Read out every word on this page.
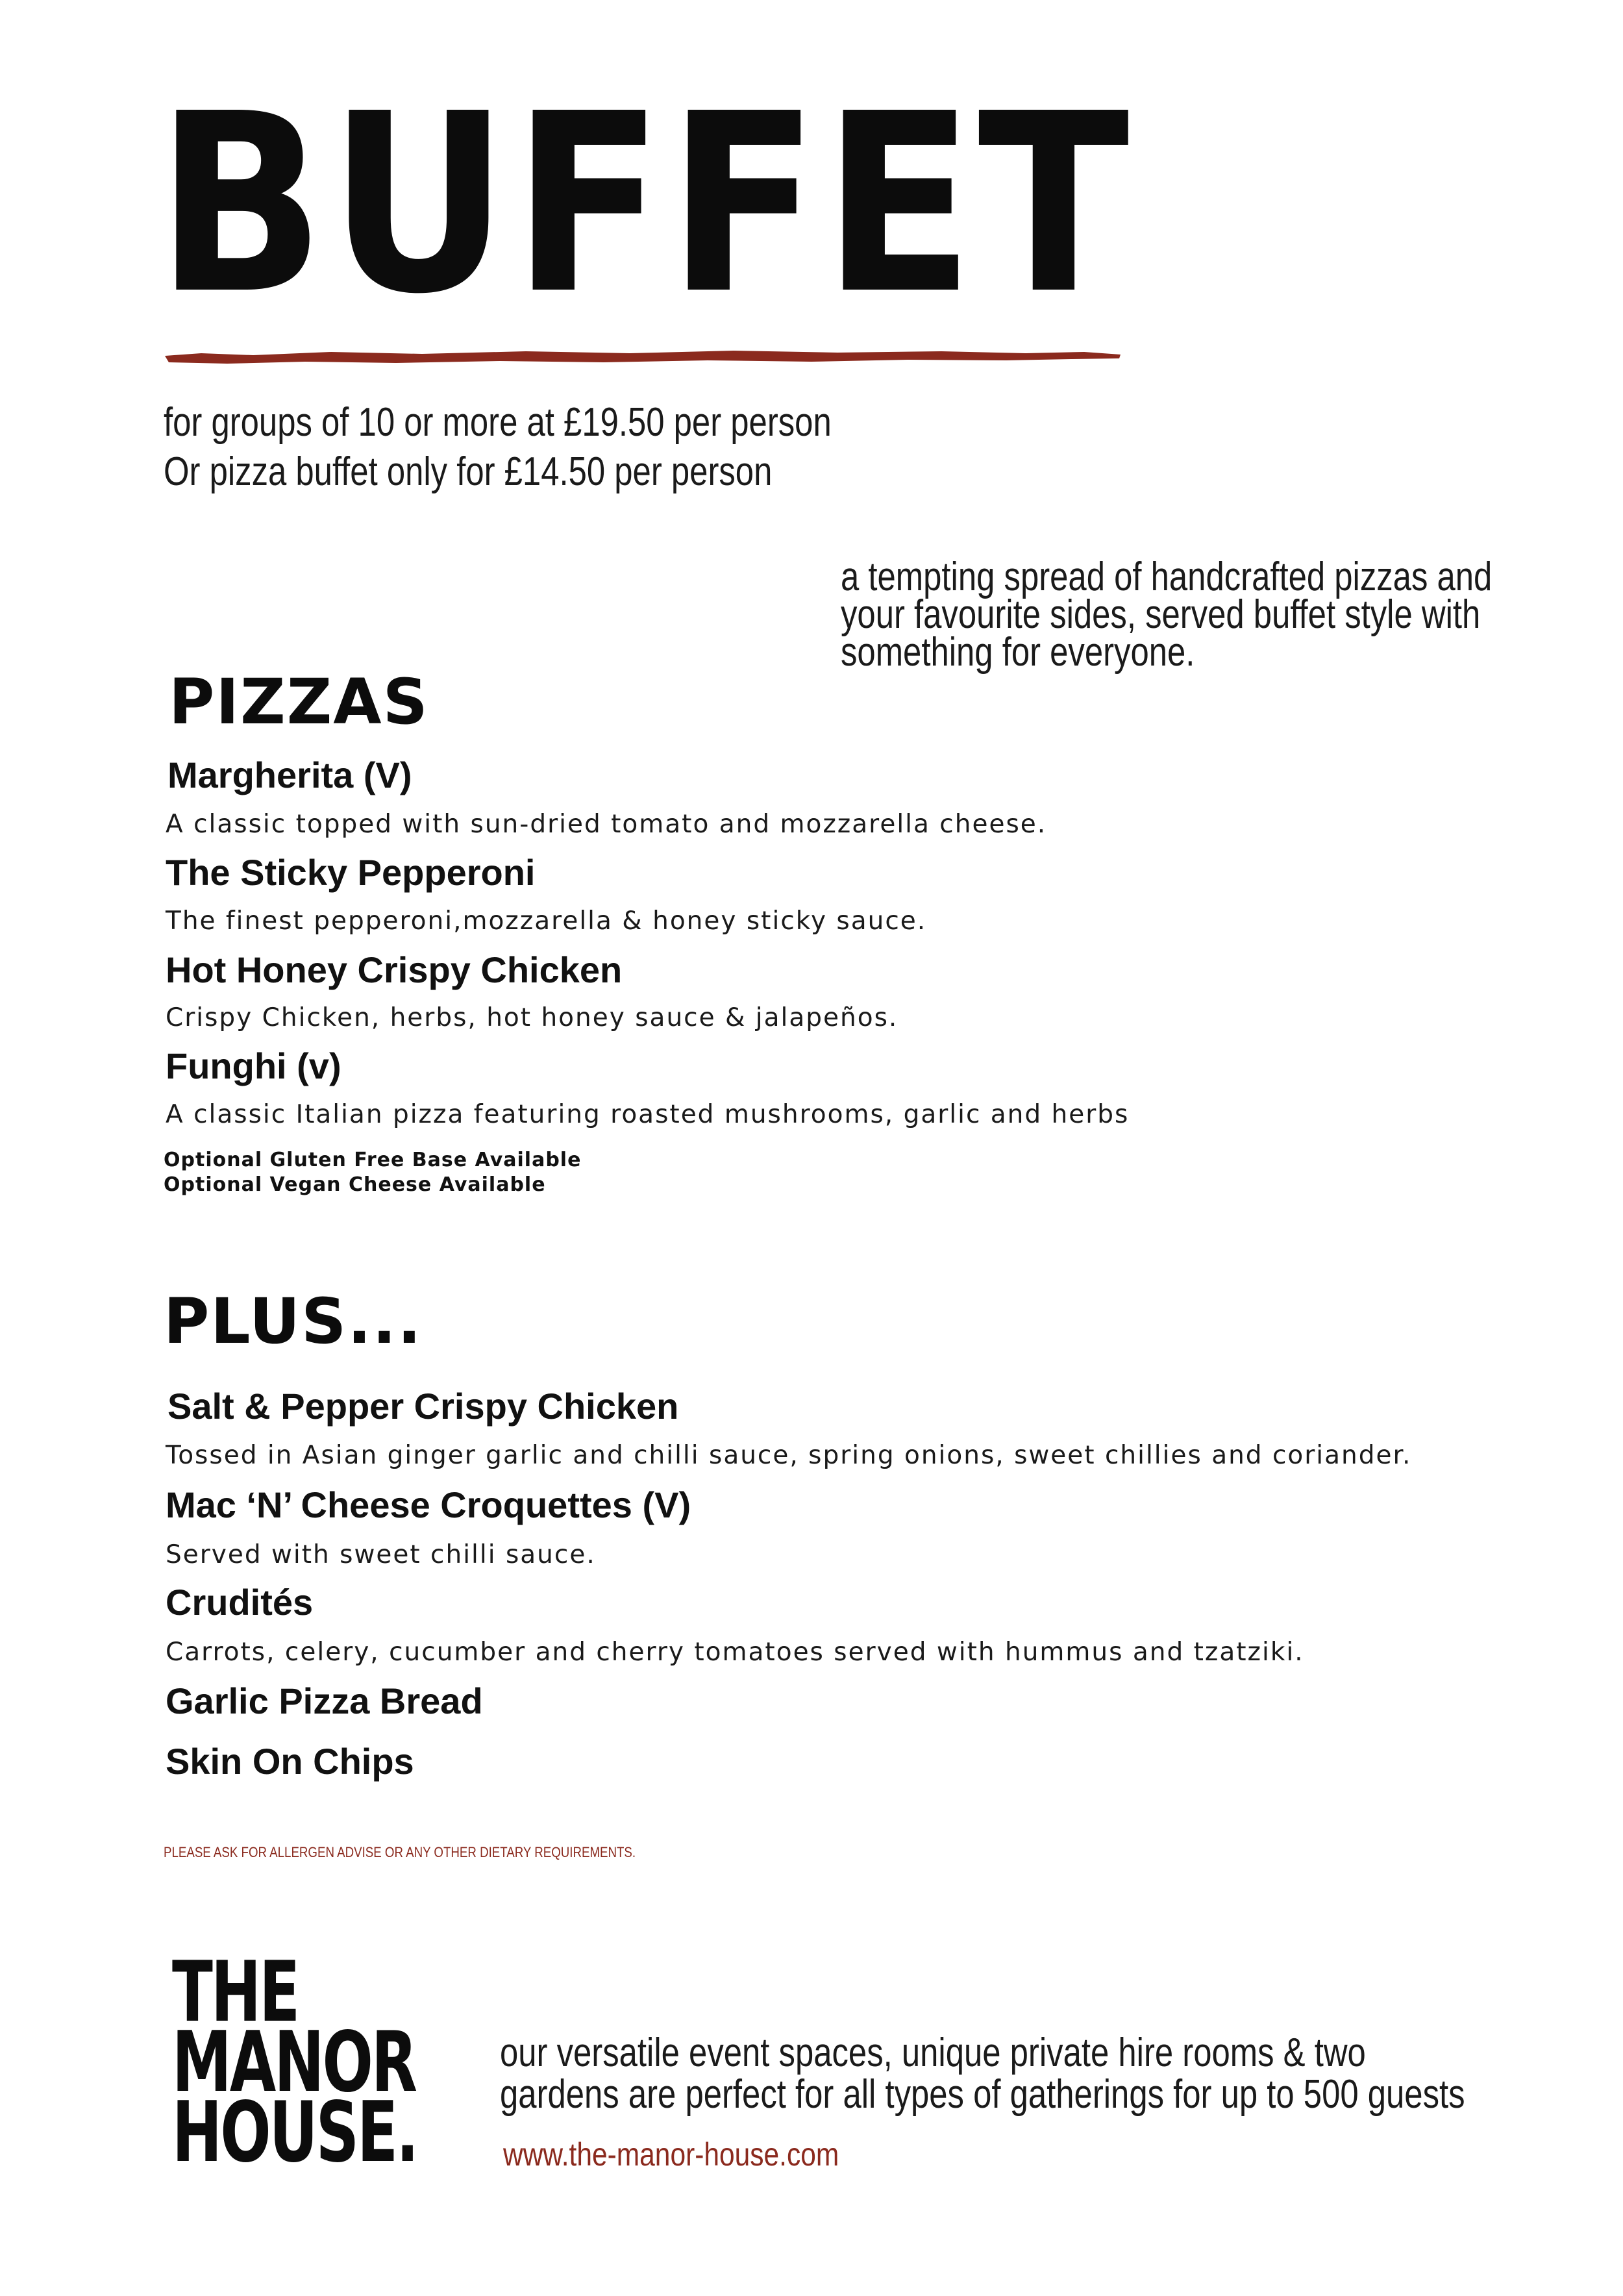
BUFFET

for groups of 10 or more at £19.50 per person

Or pizza buffet only for £14.50 per person

a tempting spread of handcrafted pizzas and
your favourite sides, served buffet style with
something for everyone.
PIZZAS
Margherita (V)
A classic topped with sun-dried tomato and mozzarella cheese.
The Sticky Pepperoni
The finest pepperoni,mozzarella & honey sticky sauce.
Hot Honey Crispy Chicken
Crispy Chicken, herbs, hot honey sauce & jalapeños.
Funghi (v)
A classic Italian pizza featuring roasted mushrooms, garlic and herbs
Optional Gluten Free Base Available
Optional Vegan Cheese Available
PLUS...
Salt & Pepper Crispy Chicken
Tossed in Asian ginger garlic and chilli sauce, spring onions, sweet chillies and coriander.
Mac ‘N’ Cheese Croquettes (V)
Served with sweet chilli sauce.
Crudités
Carrots, celery, cucumber and cherry tomatoes served with hummus and tzatziki.
Garlic Pizza Bread
Skin On Chips
PLEASE ASK FOR ALLERGEN ADVISE OR ANY OTHER DIETARY REQUIREMENTS.
THE
MANOR
HOUSE.
our versatile event spaces, unique private hire rooms & two
gardens are perfect for all types of gatherings for up to 500 guests
www.the-manor-house.com
